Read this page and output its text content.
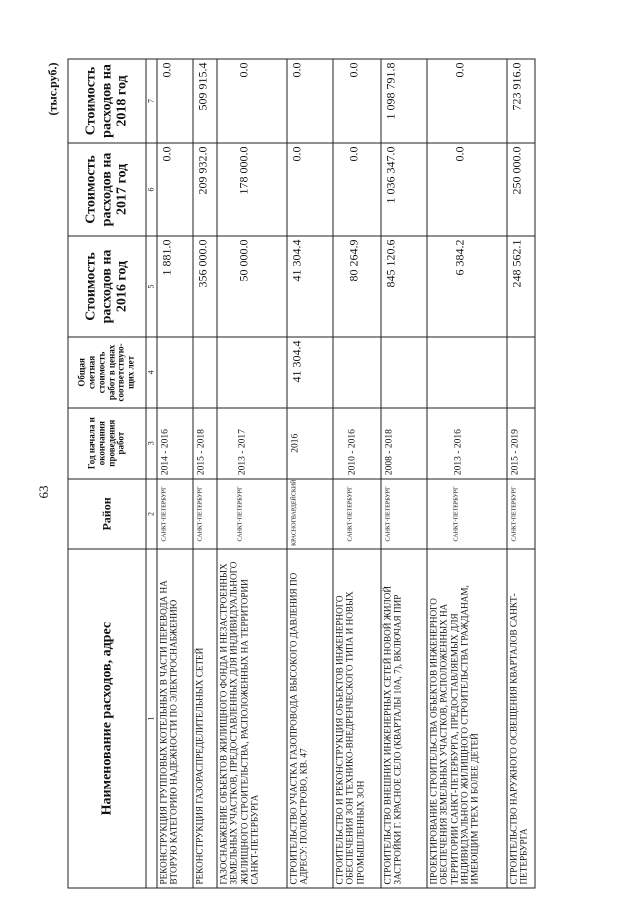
63
(тыс.руб.)
Наименование расходов, адрес	Район	Год начала и окончания проведения работ	Общая сметная стоимость работ в ценах соответствую-щих лет	Стоимость расходов на 2016 год	Стоимость расходов на 2017 год	Стоимость расходов на 2018 год
1	2	3	4	5	6	7
РЕКОНСТРУКЦИЯ ГРУППОВЫХ КОТЕЛЬНЫХ В ЧАСТИ ПЕРЕВОДА НА ВТОРУЮ КАТЕГОРИЮ НАДЕЖНОСТИ ПО ЭЛЕКТРОСНАБЖЕНИЮ	САНКТ-ПЕТЕРБУРГ	2014 - 2016		1 881.0	0.0	0.0
РЕКОНСТРУКЦИЯ ГАЗОРАСПРЕДЕЛИТЕЛЬНЫХ СЕТЕЙ	САНКТ-ПЕТЕРБУРГ	2015 - 2018		356 000.0	209 932.0	509 915.4
ГАЗОСНАБЖЕНИЕ ОБЪЕКТОВ ЖИЛИЩНОГО ФОНДА И НЕЗАСТРОЕННЫХ ЗЕМЕЛЬНЫХ УЧАСТКОВ, ПРЕДОСТАВЛЕННЫХ ДЛЯ ИНДИВИДУАЛЬНОГО ЖИЛИЩНОГО СТРОИТЕЛЬСТВА, РАСПОЛОЖЕННЫХ НА ТЕРРИТОРИИ САНКТ-ПЕТЕРБУРГА	САНКТ-ПЕТЕРБУРГ	2013 - 2017		50 000.0	178 000.0	0.0
СТРОИТЕЛЬСТВО УЧАСТКА ГАЗОПРОВОДА ВЫСОКОГО ДАВЛЕНИЯ ПО АДРЕСУ: ПОЛЮСТРОВО, КВ. 47	КРАСНОГВАРДЕЙСКИЙ	2016	41 304.4	41 304.4	0.0	0.0
СТРОИТЕЛЬСТВО И РЕКОНСТРУКЦИЯ ОБЪЕКТОВ ИНЖЕНЕРНОГО ОБЕСПЕЧЕНИЯ ЗОН ТЕХНИКО-ВНЕДРЕНЧЕСКОГО ТИПА И НОВЫХ ПРОМЫШЛЕННЫХ ЗОН	САНКТ-ПЕТЕРБУРГ	2010 - 2016		80 264.9	0.0	0.0
СТРОИТЕЛЬСТВО ВНЕШНИХ ИНЖЕНЕРНЫХ СЕТЕЙ НОВОЙ ЖИЛОЙ ЗАСТРОЙКИ Г. КРАСНОЕ СЕЛО (КВАРТАЛЫ 10А, 7), ВКЛЮЧАЯ ПИР	САНКТ-ПЕТЕРБУРГ	2008 - 2018		845 120.6	1 036 347.0	1 098 791.8
ПРОЕКТИРОВАНИЕ СТРОИТЕЛЬСТВА ОБЪЕКТОВ ИНЖЕНЕРНОГО ОБЕСПЕЧЕНИЯ ЗЕМЕЛЬНЫХ УЧАСТКОВ, РАСПОЛОЖЕННЫХ НА ТЕРРИТОРИИ САНКТ-ПЕТЕРБУРГА, ПРЕДОСТАВЛЯЕМЫХ ДЛЯ ИНДИВИДУАЛЬНОГО ЖИЛИЩНОГО СТРОИТЕЛЬСТВА ГРАЖДАНАМ, ИМЕЮЩИМ ТРЕХ И БОЛЕЕ ДЕТЕЙ	САНКТ-ПЕТЕРБУРГ	2013 - 2016		6 384.2	0.0	0.0
СТРОИТЕЛЬСТВО НАРУЖНОГО ОСВЕЩЕНИЯ КВАРТАЛОВ САНКТ-ПЕТЕРБУРГА	САНКТ-ПЕТЕРБУРГ	2015 - 2019		248 562.1	250 000.0	723 916.0
